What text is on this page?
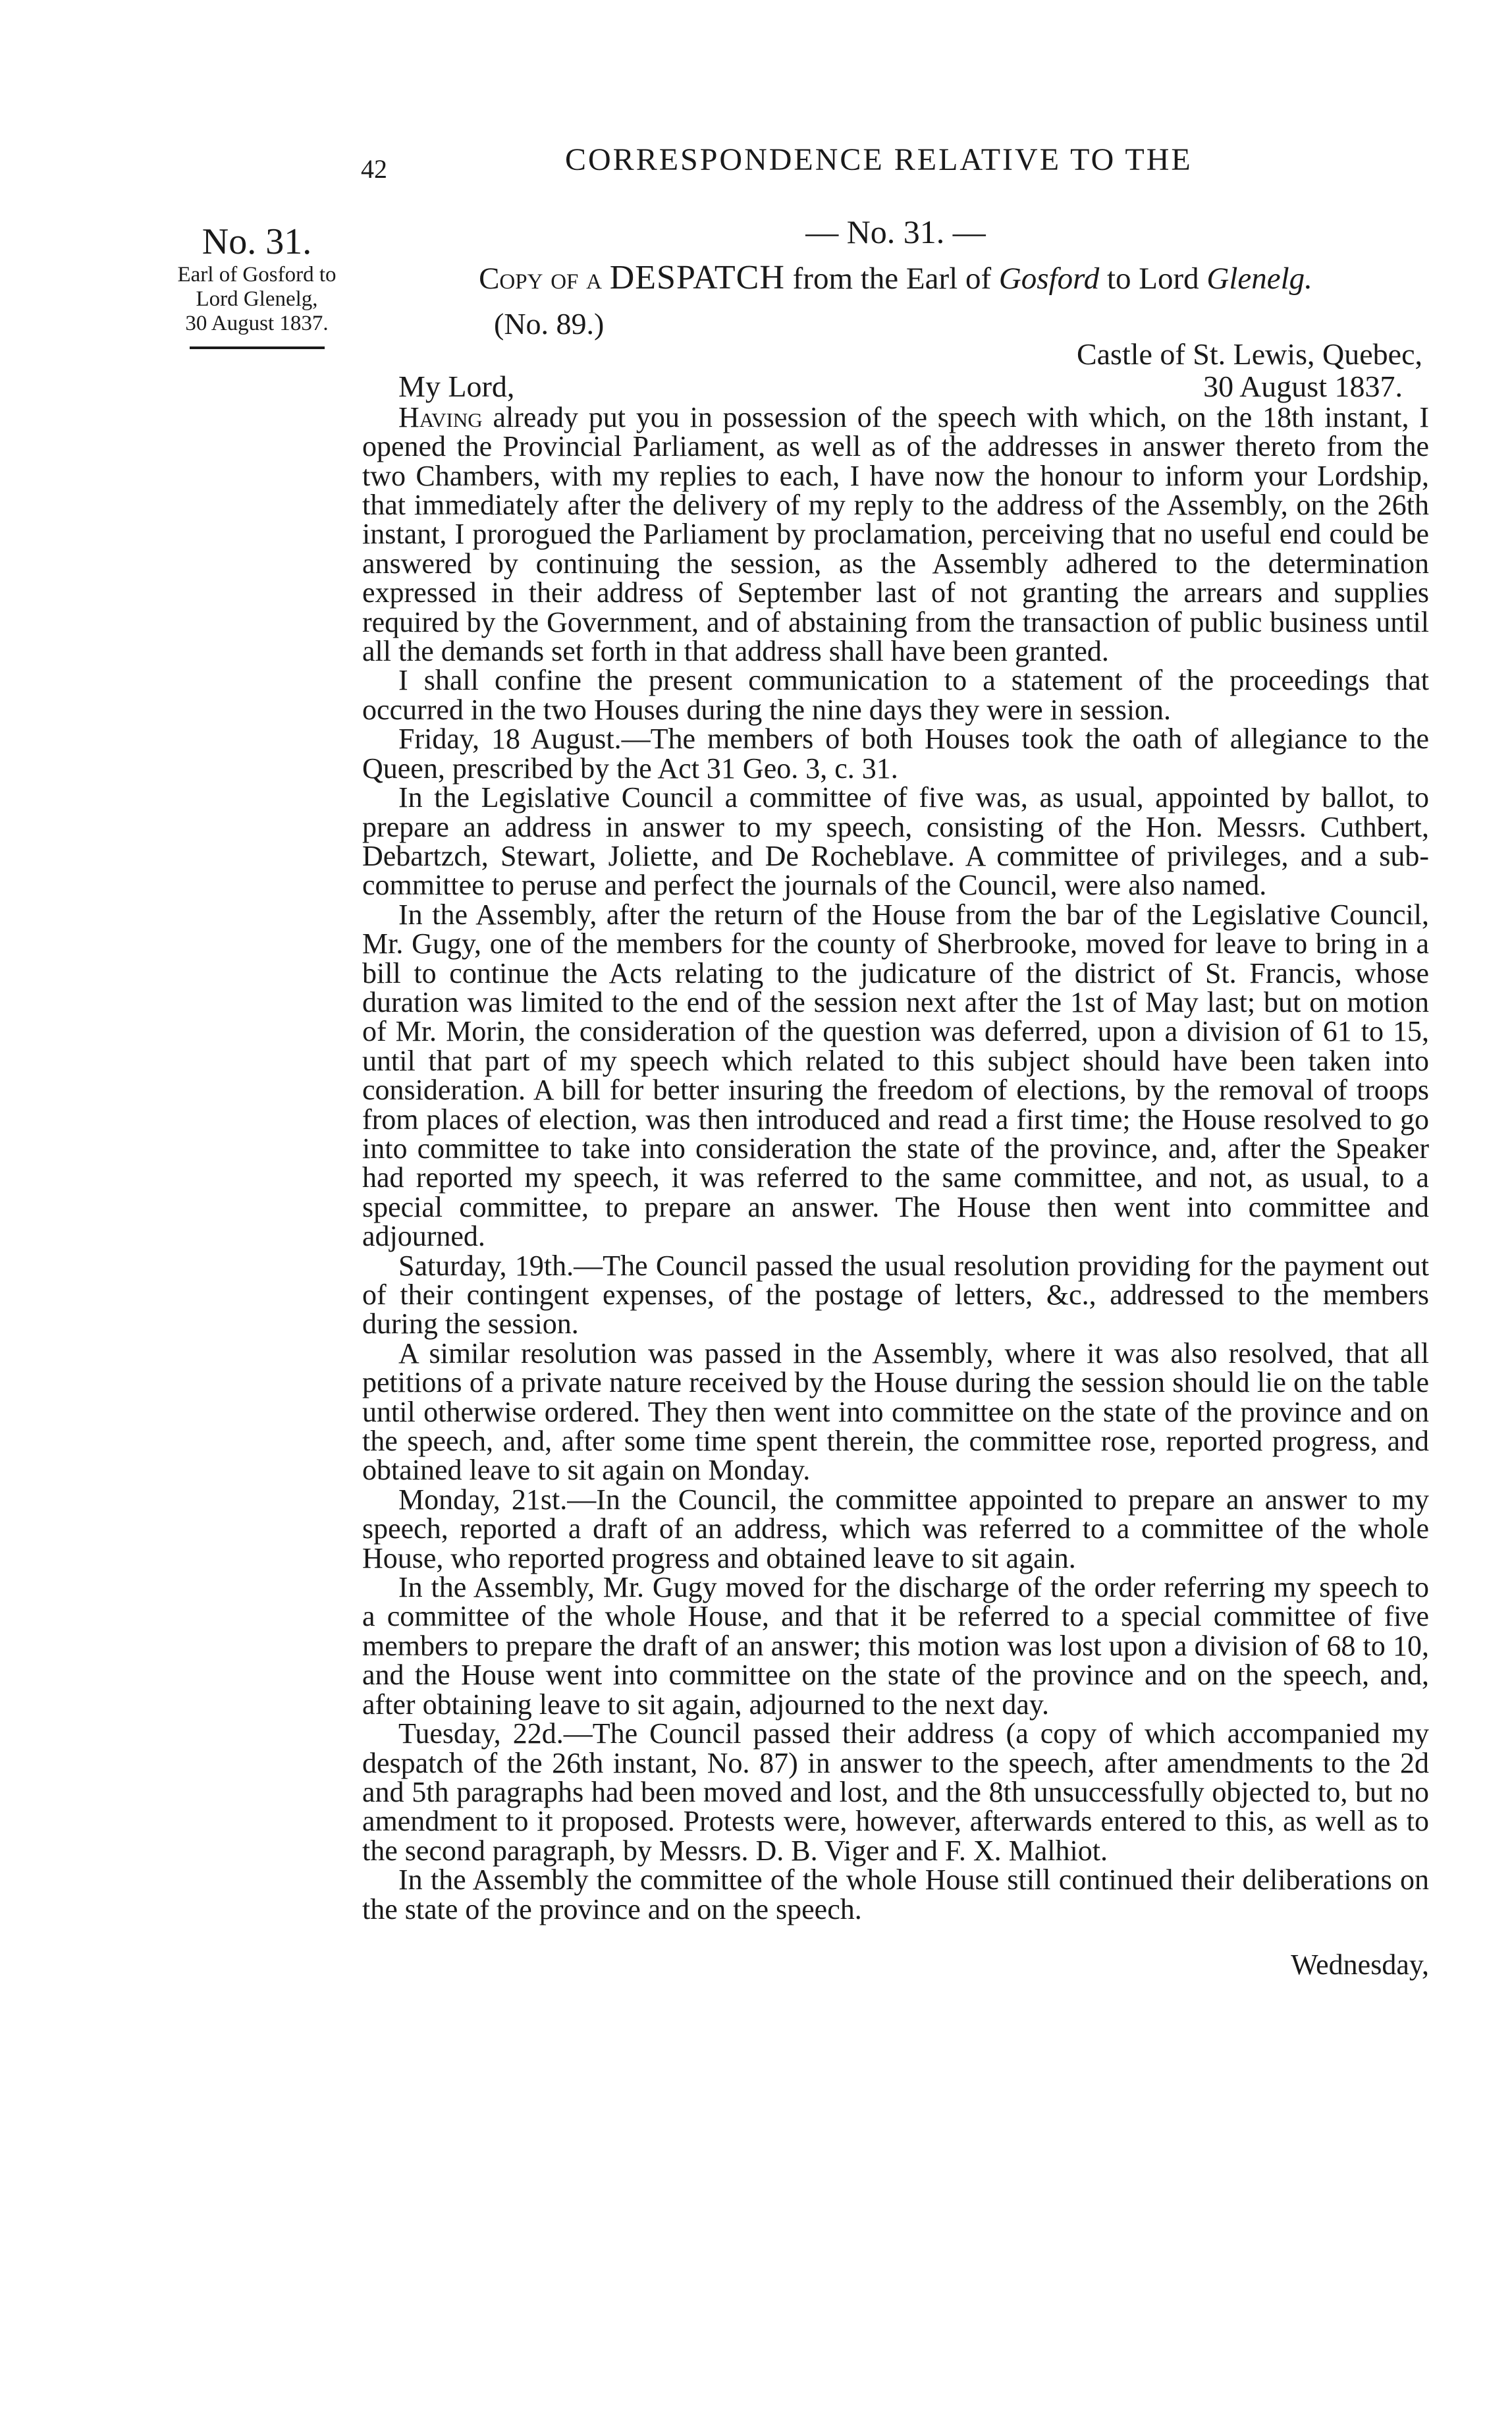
42	CORRESPONDENCE RELATIVE TO THE
No. 31.
Earl of Gosford to
Lord Glenelg,
30 August 1837.
— No. 31. —
Copy of a DESPATCH from the Earl of Gosford to Lord Glenelg.
(No. 89.)
Castle of St. Lewis, Quebec,
My Lord,	30 August 1837.

Having already put you in possession of the speech with which, on the 18th instant, I opened the Provincial Parliament, as well as of the addresses in answer thereto from the two Chambers, with my replies to each, I have now the honour to inform your Lordship, that immediately after the delivery of my reply to the address of the Assembly, on the 26th instant, I prorogued the Parliament by proclamation, perceiving that no useful end could be answered by continuing the session, as the Assembly adhered to the determination expressed in their address of September last of not granting the arrears and supplies required by the Government, and of abstaining from the transaction of public business until all the demands set forth in that address shall have been granted.

I shall confine the present communication to a statement of the proceedings that occurred in the two Houses during the nine days they were in session.

Friday, 18 August.—The members of both Houses took the oath of allegiance to the Queen, prescribed by the Act 31 Geo. 3, c. 31.

In the Legislative Council a committee of five was, as usual, appointed by ballot, to prepare an address in answer to my speech, consisting of the Hon. Messrs. Cuthbert, Debartzch, Stewart, Joliette, and De Rocheblave. A committee of privileges, and a sub-committee to peruse and perfect the journals of the Council, were also named.

In the Assembly, after the return of the House from the bar of the Legislative Council, Mr. Gugy, one of the members for the county of Sherbrooke, moved for leave to bring in a bill to continue the Acts relating to the judicature of the district of St. Francis, whose duration was limited to the end of the session next after the 1st of May last; but on motion of Mr. Morin, the consideration of the question was deferred, upon a division of 61 to 15, until that part of my speech which related to this subject should have been taken into consideration. A bill for better insuring the freedom of elections, by the removal of troops from places of election, was then introduced and read a first time; the House resolved to go into committee to take into consideration the state of the province, and, after the Speaker had reported my speech, it was referred to the same committee, and not, as usual, to a special committee, to prepare an answer. The House then went into committee and adjourned.

Saturday, 19th.—The Council passed the usual resolution providing for the payment out of their contingent expenses, of the postage of letters, &c., addressed to the members during the session.

A similar resolution was passed in the Assembly, where it was also resolved, that all petitions of a private nature received by the House during the session should lie on the table until otherwise ordered. They then went into committee on the state of the province and on the speech, and, after some time spent therein, the committee rose, reported progress, and obtained leave to sit again on Monday.

Monday, 21st.—In the Council, the committee appointed to prepare an answer to my speech, reported a draft of an address, which was referred to a committee of the whole House, who reported progress and obtained leave to sit again.

In the Assembly, Mr. Gugy moved for the discharge of the order referring my speech to a committee of the whole House, and that it be referred to a special committee of five members to prepare the draft of an answer; this motion was lost upon a division of 68 to 10, and the House went into committee on the state of the province and on the speech, and, after obtaining leave to sit again, adjourned to the next day.

Tuesday, 22d.—The Council passed their address (a copy of which accompanied my despatch of the 26th instant, No. 87) in answer to the speech, after amendments to the 2d and 5th paragraphs had been moved and lost, and the 8th unsuccessfully objected to, but no amendment to it proposed. Protests were, however, afterwards entered to this, as well as to the second paragraph, by Messrs. D. B. Viger and F. X. Malhiot.

In the Assembly the committee of the whole House still continued their deliberations on the state of the province and on the speech.

Wednesday,
